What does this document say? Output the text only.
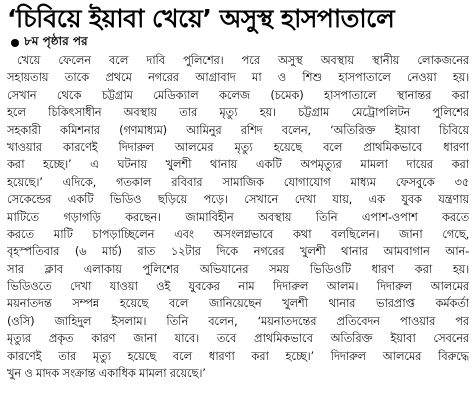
‘চিবিয়ে ইয়াবা খেয়ে’ অসুস্থ হাসপাতালে
৮ম পৃষ্ঠার পর
খেয়ে ফেলেন বলে দাবি পুলিশের। পরে অসুস্থ অবস্থায় স্থানীয় লোকজনের
সহায়তায় তাকে প্রথমে নগরের আগ্রাবাদ মা ও শিশু হাসপাতালে নেওয়া হয়।
সেখান থেকে চট্টগ্রাম মেডিক্যাল কলেজ (চমেক) হাসপাতালে স্থানান্তর করা
হলে চিকিৎসাধীন অবস্থায় তার মৃত্যু হয়। চট্টগ্রাম মেট্রোপলিটন পুলিশের
সহকারী কমিশনার (গণমাধ্যম) আমিনুর রশিদ বলেন, ‘অতিরিক্ত ইয়াবা চিবিয়ে
খাওয়ার কারণেই দিদারুল আলমের মৃত্যু হয়েছে বলে প্রাথমিকভাবে ধারণা
করা হচ্ছে।’ এ ঘটনায় খুলশী থানায় একটি অপমৃত্যুর মামলা দায়ের করা
হয়েছে।’ এদিকে, গতকাল রবিবার সামাজিক যোগাযোগ মাধ্যম ফেসবুকে ৩৫
সেকেন্ডের একটি ভিডিও ছড়িয়ে পড়ে। সেখানে দেখা যায়, এক যুবক যন্ত্রণায়
মাটিতে গড়াগড়ি করছেন। জামাবিহীন অবস্থায় তিনি এপাশ-ওপাশ করতে
করতে মাটি চাপড়াচ্ছিলেন এবং অসংলগ্নভাবে কথা বলছিলেন। জানা গেছে,
বৃহস্পতিবার (৬ মার্চ) রাত ১২টার দিকে নগরের খুলশী থানার আমবাগান আন-
সার ক্লাব এলাকায় পুলিশের অভিযানের সময় ভিডিওটি ধারণ করা হয়।
ভিডিওতে দেখা যাওয়া ওই যুবকের নাম দিদারুল আলম। দিদারুল আলমের
ময়নাতদন্ত সম্পন্ন হয়েছে বলে জানিয়েছেন খুলশী থানার ভারপ্রাপ্ত কর্মকর্তা
(ওসি) জাহিদুল ইসলাম। তিনি বলেন, ‘ময়নাতদন্তের প্রতিবেদন পাওয়ার পর
মৃত্যুর প্রকৃত কারণ জানা যাবে। তবে প্রাথমিকভাবে অতিরিক্ত ইয়াবা সেবনের
কারণেই তার মৃত্যু হয়েছে বলে ধারণা করা হচ্ছে।’ দিদারুল আলমের বিরুদ্ধে
খুন ও মাদক সংক্রান্ত একাধিক মামলা রয়েছে।’
